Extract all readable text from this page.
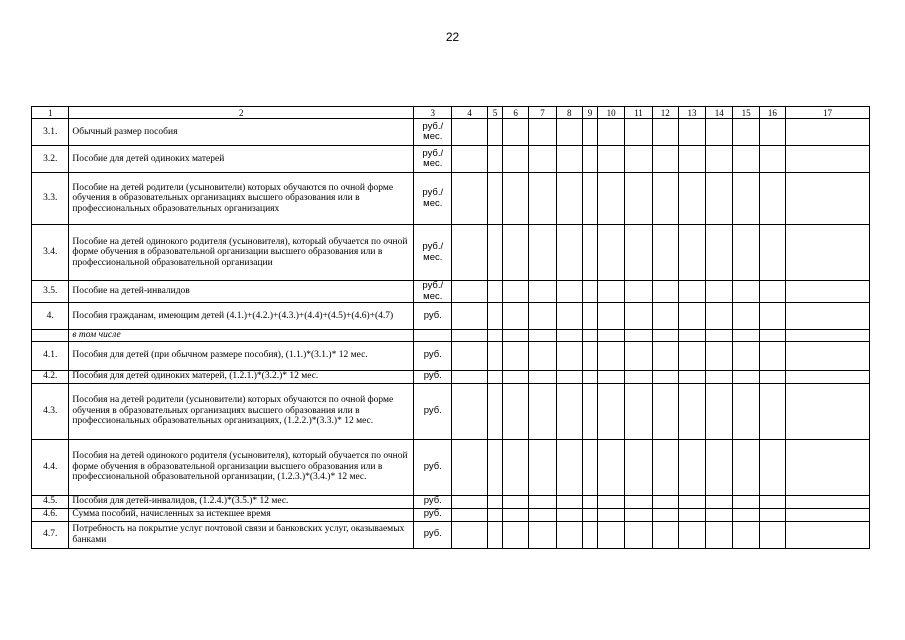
22
1	2	3	4	5	6	7	8	9	10	11	12	13	14	15	16	17
3.1.	Обычный размер пособия	руб./ мес.														
3.2.	Пособие для детей одиноких матерей	руб./ мес.														
3.3.	Пособие на детей родители (усыновители) которых обучаются по очной форме обучения в образовательных организациях высшего образования или в профессиональных образовательных организациях	руб./ мес.														
3.4.	Пособие на детей одинокого родителя (усыновителя), который обучается по очной форме обучения в образовательной организации высшего образования или в профессиональной образовательной организации	руб./ мес.														
3.5.	Пособие на детей-инвалидов	руб./ мес.														
4.	Пособия гражданам, имеющим детей (4.1.)+(4.2.)+(4.3.)+(4.4)+(4.5)+(4.6)+(4.7)	руб.														
	в том числе															
4.1.	Пособия для детей (при обычном размере пособия), (1.1.)*(3.1.)* 12 мес.	руб.														
4.2.	Пособия для детей одиноких матерей, (1.2.1.)*(3.2.)* 12 мес.	руб.														
4.3.	Пособия на детей родители (усыновители) которых обучаются по очной форме обучения в образовательных организациях высшего образования или в профессиональных образовательных организациях, (1.2.2.)*(3.3.)* 12 мес.	руб.														
4.4.	Пособия на детей одинокого родителя (усыновителя), который обучается по очной форме обучения в образовательной организации высшего образования или в профессиональной образовательной организации, (1.2.3.)*(3.4.)* 12 мес.	руб.														
4.5.	Пособия для детей-инвалидов, (1.2.4.)*(3.5.)* 12 мес.	руб.														
4.6.	Сумма пособий, начисленных за истекшее время	руб.														
4.7.	Потребность на покрытие услуг почтовой связи и банковских услуг, оказываемых банками	руб.														
